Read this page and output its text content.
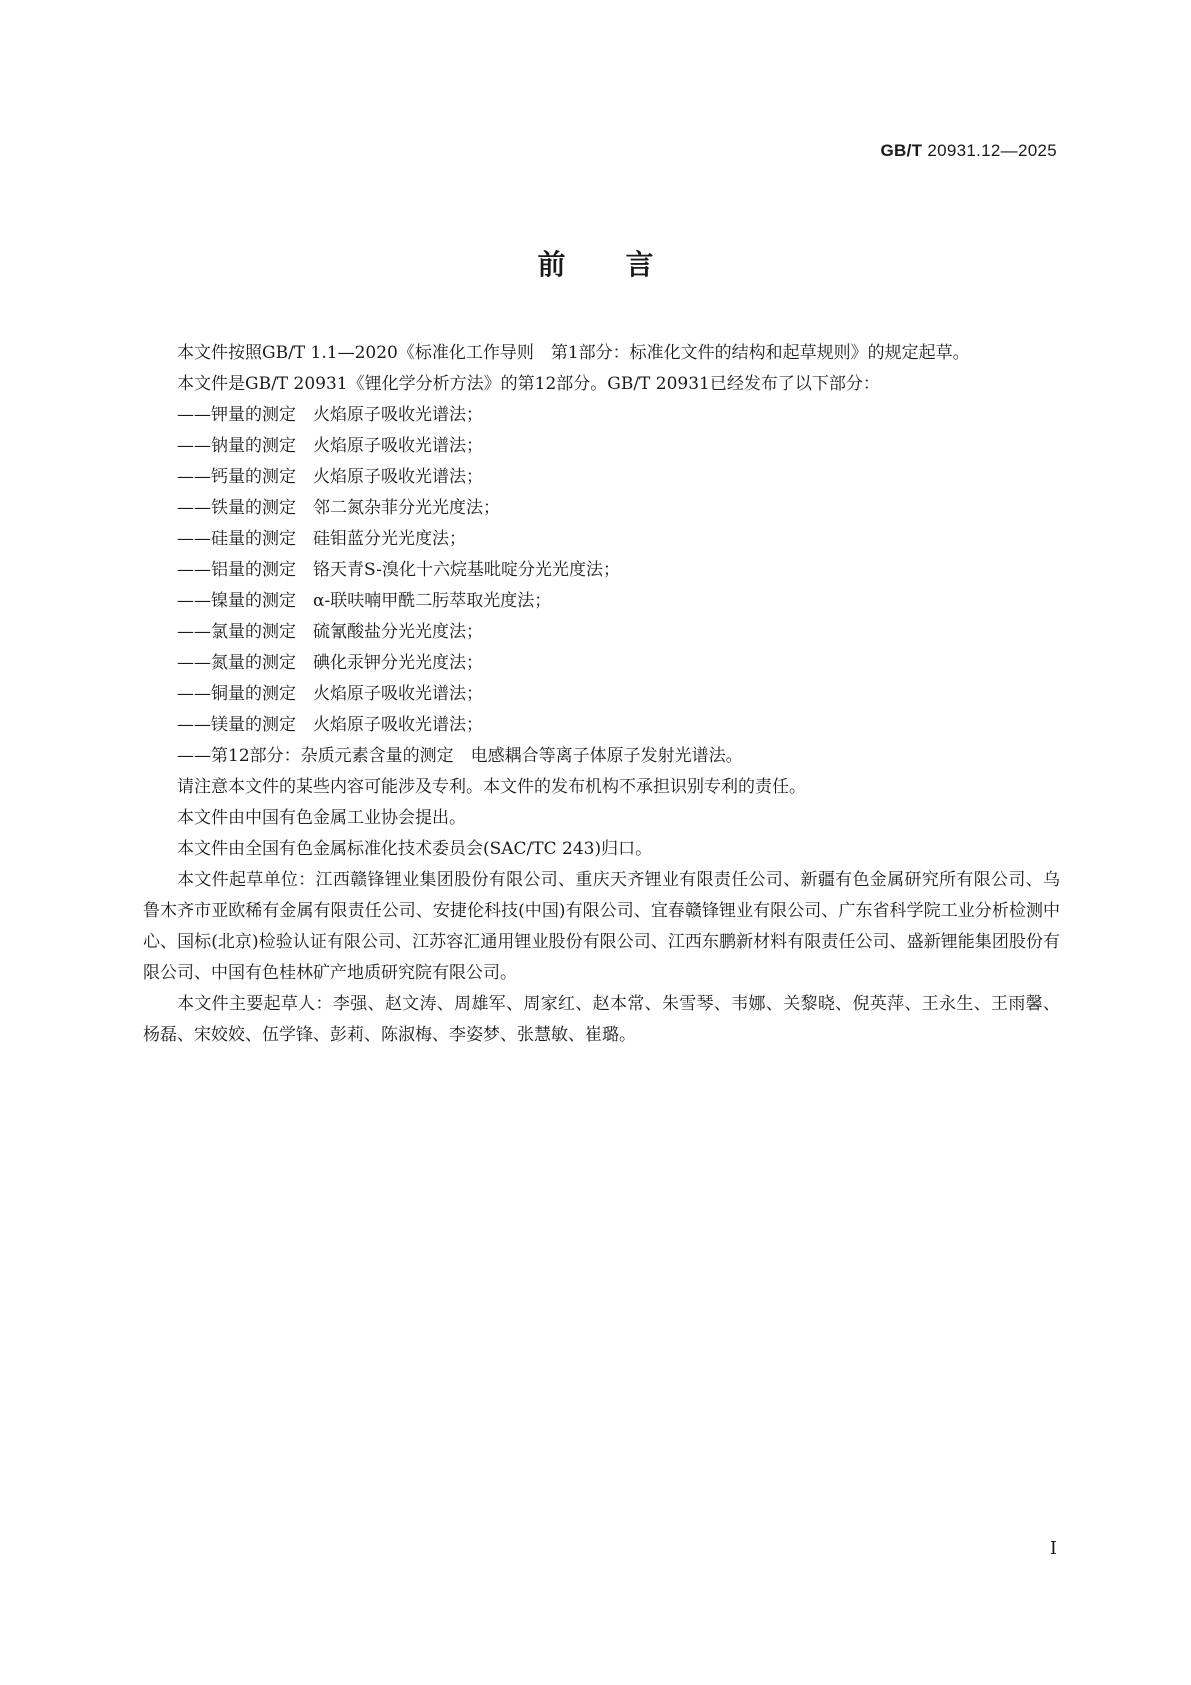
GB/T 20931.12—2025
前言

本文件按照GB/T 1.1—2020《标准化工作导则　第1部分：标准化文件的结构和起草规则》的规定起草。

本文件是GB/T 20931《锂化学分析方法》的第12部分。GB/T 20931已经发布了以下部分：

——钾量的测定　火焰原子吸收光谱法；

——钠量的测定　火焰原子吸收光谱法；

——钙量的测定　火焰原子吸收光谱法；

——铁量的测定　邻二氮杂菲分光光度法；

——硅量的测定　硅钼蓝分光光度法；

——铝量的测定　铬天青S-溴化十六烷基吡啶分光光度法；

——镍量的测定　α-联呋喃甲酰二肟萃取光度法；

——氯量的测定　硫氰酸盐分光光度法；

——氮量的测定　碘化汞钾分光光度法；

——铜量的测定　火焰原子吸收光谱法；

——镁量的测定　火焰原子吸收光谱法；

——第12部分：杂质元素含量的测定　电感耦合等离子体原子发射光谱法。

请注意本文件的某些内容可能涉及专利。本文件的发布机构不承担识别专利的责任。

本文件由中国有色金属工业协会提出。

本文件由全国有色金属标准化技术委员会(SAC/TC 243)归口。

本文件起草单位：江西赣锋锂业集团股份有限公司、重庆天齐锂业有限责任公司、新疆有色金属研究所有限公司、乌鲁木齐市亚欧稀有金属有限责任公司、安捷伦科技(中国)有限公司、宜春赣锋锂业有限公司、广东省科学院工业分析检测中心、国标(北京)检验认证有限公司、江苏容汇通用锂业股份有限公司、江西东鹏新材料有限责任公司、盛新锂能集团股份有限公司、中国有色桂林矿产地质研究院有限公司。

本文件主要起草人：李强、赵文涛、周雄军、周家红、赵本常、朱雪琴、韦娜、关黎晓、倪英萍、王永生、王雨馨、杨磊、宋姣姣、伍学锋、彭莉、陈淑梅、李姿梦、张慧敏、崔璐。

I
